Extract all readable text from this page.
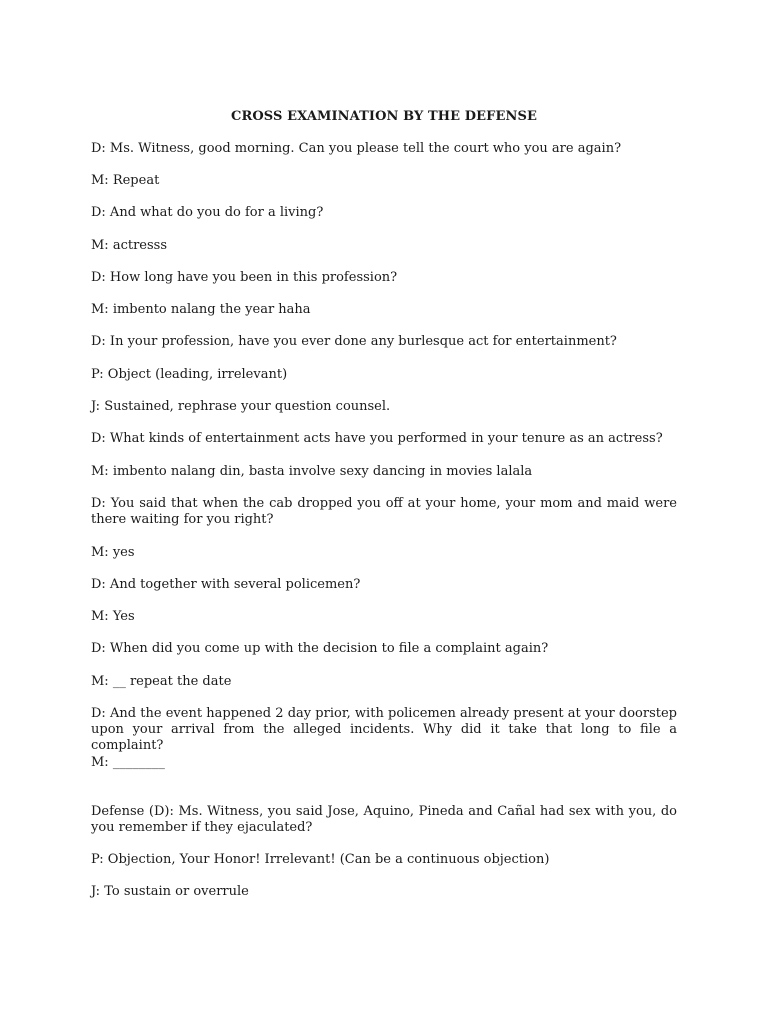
CROSS EXAMINATION BY THE DEFENSE
D: Ms. Witness, good morning. Can you please tell the court who you are again?
M: Repeat
D: And what do you do for a living?
M: actresss
D: How long have you been in this profession?
M: imbento nalang the year haha
D: In your profession, have you ever done any burlesque act for entertainment?
P: Object (leading, irrelevant)
J: Sustained, rephrase your question counsel.
D: What kinds of entertainment acts have you performed in your tenure as an actress?
M: imbento nalang din, basta involve sexy dancing in movies lalala
D: You said that when the cab dropped you off at your home, your mom and maid were there waiting for you right?
M: yes
D: And together with several policemen?
M: Yes
D: When did you come up with the decision to file a complaint again?
M: __ repeat the date
D: And the event happened 2 day prior, with policemen already present at your doorstep upon your arrival from the alleged incidents. Why did it take that long to file a complaint?
M: ________
Defense (D): Ms. Witness, you said Jose, Aquino, Pineda and Cañal had sex with you, do you remember if they ejaculated?
P: Objection, Your Honor! Irrelevant! (Can be a continuous objection)
J: To sustain or overrule
